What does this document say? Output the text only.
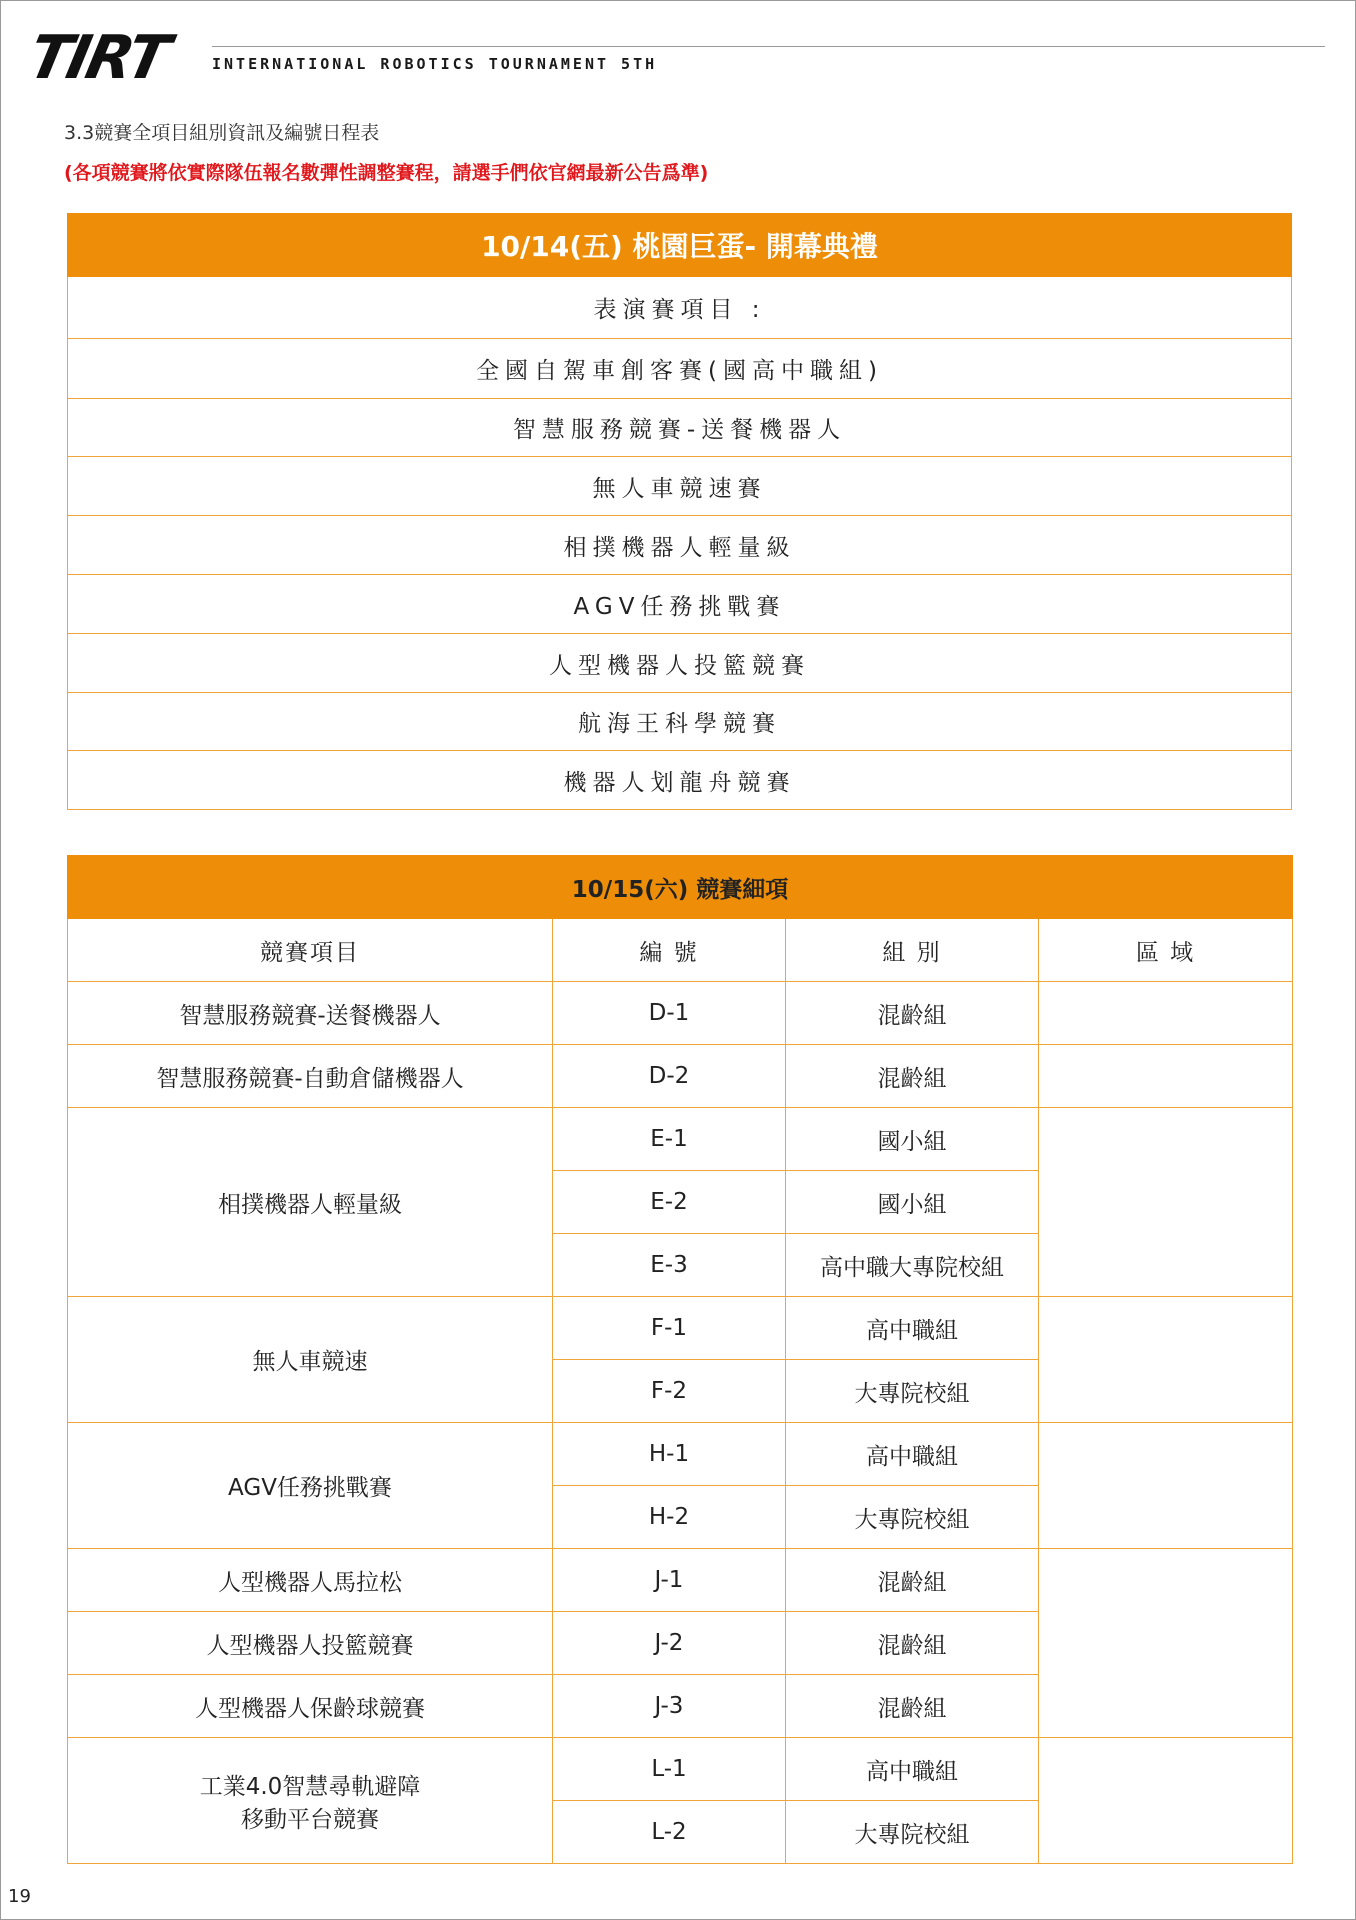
TIRT	INTERNATIONAL ROBOTICS TOURNAMENT 5TH
3.3競賽全項目組別資訊及編號日程表
(各項競賽將依實際隊伍報名數彈性調整賽程，請選手們依官網最新公告爲準)
10/14(五) 桃園巨蛋- 開幕典禮
表演賽項目 :
全國自駕車創客賽(國高中職組)
智慧服務競賽-送餐機器人
無人車競速賽
相撲機器人輕量級
AGV任務挑戰賽
人型機器人投籃競賽
航海王科學競賽
機器人划龍舟競賽
10/15(六) 競賽細項			
競賽項目	編 號	組 別	區 域
智慧服務競賽-送餐機器人	D-1	混齡組	
智慧服務競賽-自動倉儲機器人	D-2	混齡組	
相撲機器人輕量級	E-1	國小組	
	E-2	國小組	
	E-3	高中職大專院校組	
無人車競速	F-1	高中職組	
	F-2	大專院校組	
AGV任務挑戰賽	H-1	高中職組	
	H-2	大專院校組	
人型機器人馬拉松	J-1	混齡組	
人型機器人投籃競賽	J-2	混齡組	
人型機器人保齡球競賽	J-3	混齡組	

工業4.0智慧尋軌避障
移動平台競賽	L-1	高中職組	
	L-2	大專院校組	
19
